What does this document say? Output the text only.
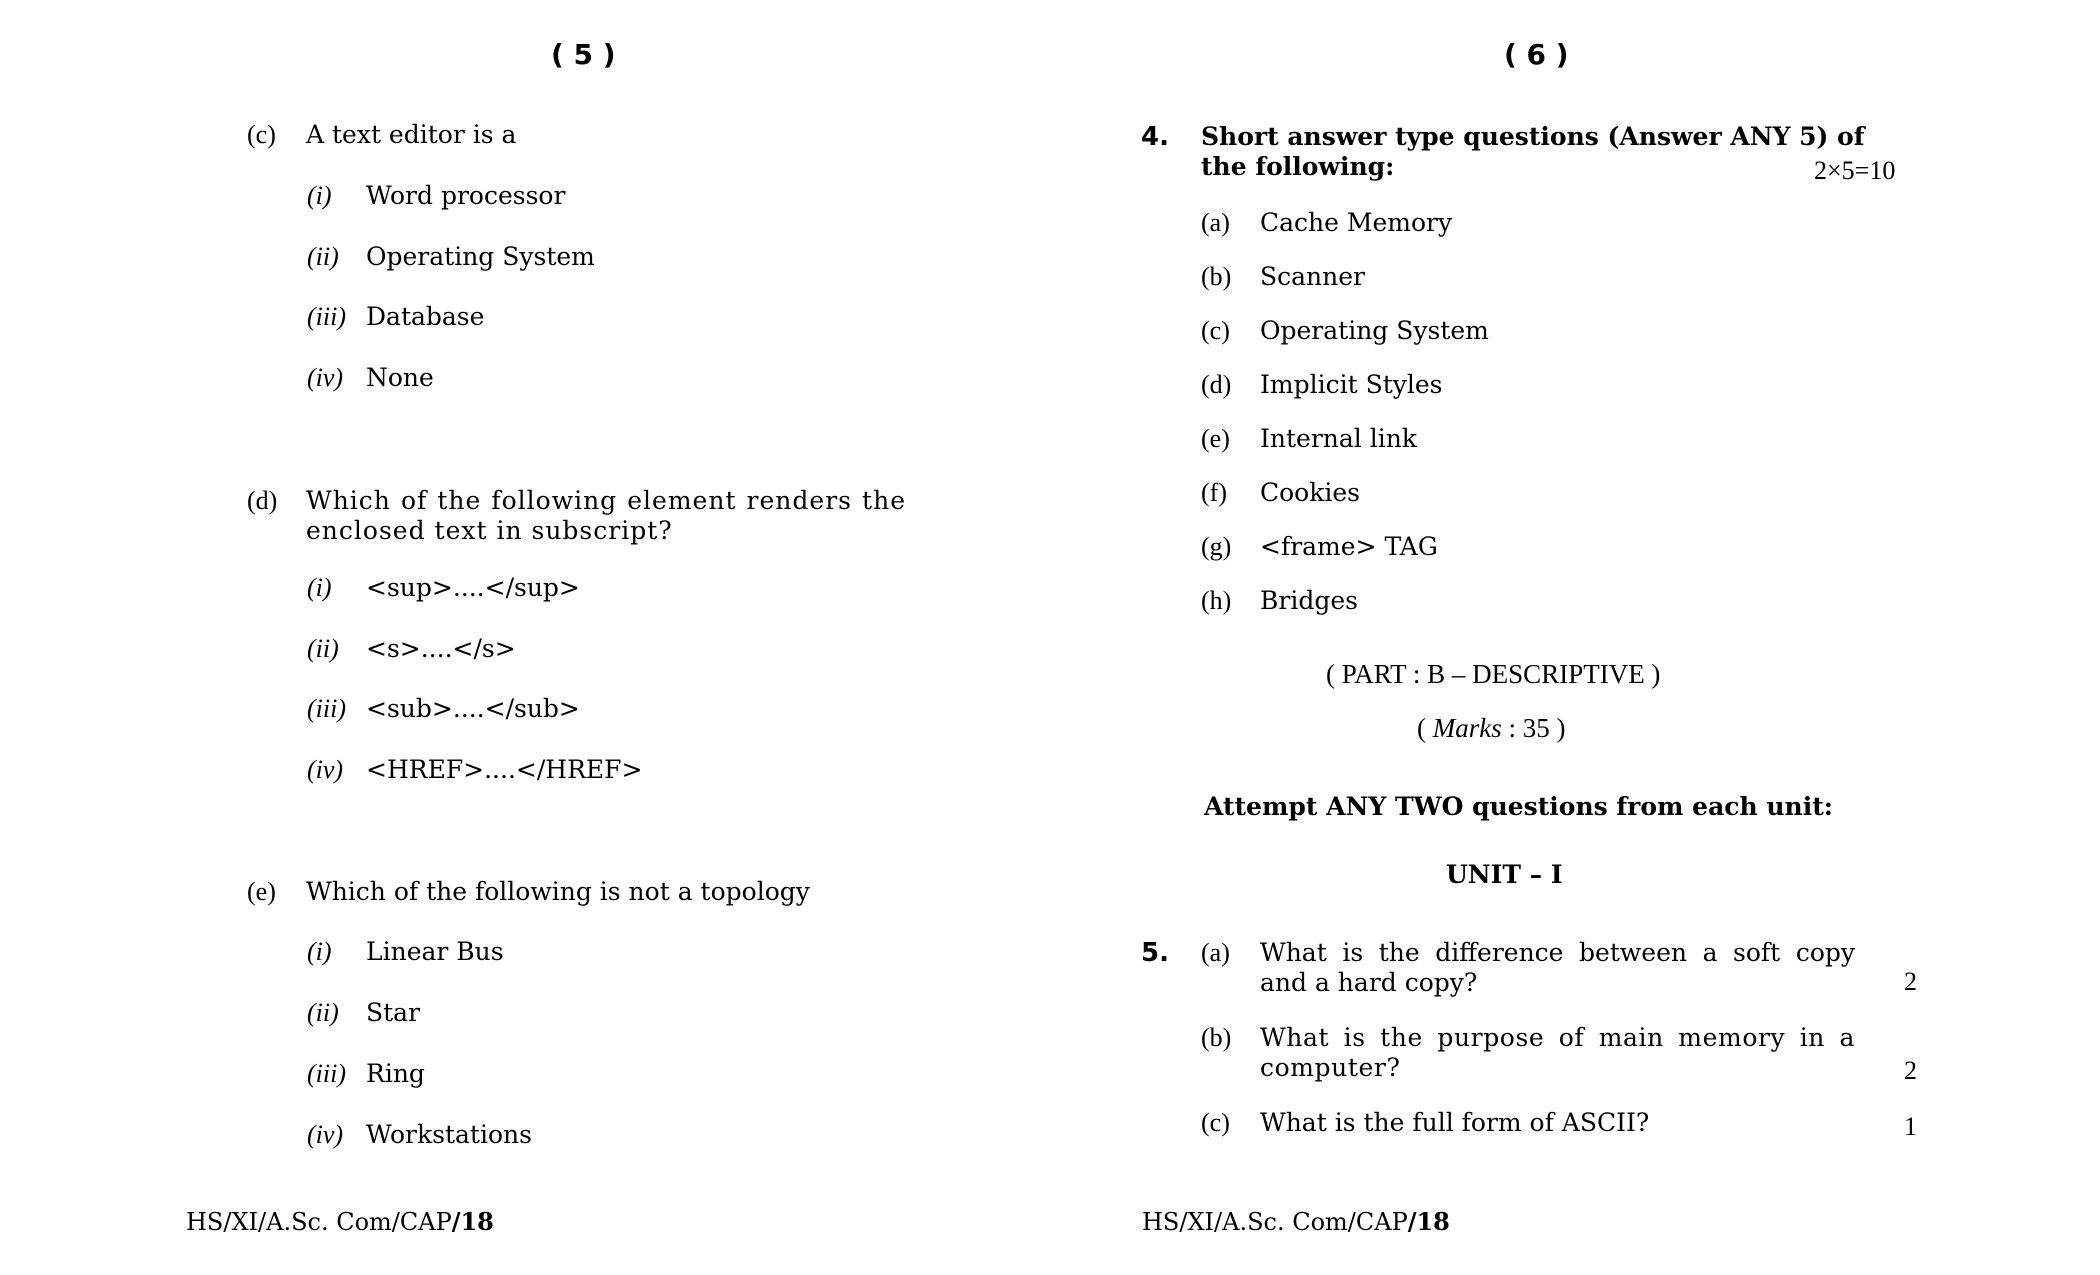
( 5 )
(c) A text editor is a
(i) Word processor
(ii) Operating System
(iii) Database
(iv) None
(d) Which of the following element renders the enclosed text in subscript?
(i) <sup>....</sup>
(ii) <s>....</s>
(iii) <sub>....</sub>
(iv) <HREF>....</HREF>
(e) Which of the following is not a topology
(i) Linear Bus
(ii) Star
(iii) Ring
(iv) Workstations
HS/XI/A.Sc. Com/CAP/18
( 6 )
4. Short answer type questions (Answer ANY 5) of the following:	2×5=10
(a) Cache Memory
(b) Scanner
(c) Operating System
(d) Implicit Styles
(e) Internal link
(f) Cookies
(g) <frame> TAG
(h) Bridges
( PART : B – DESCRIPTIVE )
( Marks : 35 )
Attempt ANY TWO questions from each unit:
UNIT – I
5. (a) What is the difference between a soft copy and a hard copy?	2
(b) What is the purpose of main memory in a computer?	2
(c) What is the full form of ASCII?	1
HS/XI/A.Sc. Com/CAP/18
